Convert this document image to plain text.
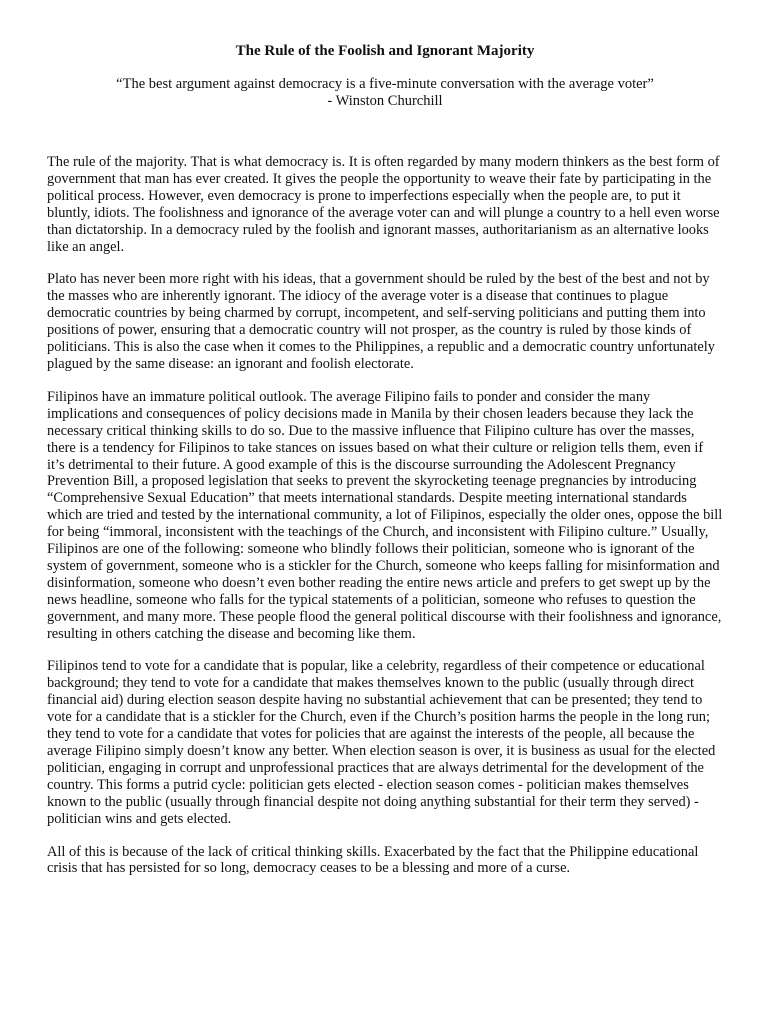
The Rule of the Foolish and Ignorant Majority
“The best argument against democracy is a five-minute conversation with the average voter”
- Winston Churchill

The rule of the majority. That is what democracy is. It is often regarded by many modern thinkers as the best form of government that man has ever created. It gives the people the opportunity to weave their fate by participating in the political process. However, even democracy is prone to imperfections especially when the people are, to put it bluntly, idiots. The foolishness and ignorance of the average voter can and will plunge a country to a hell even worse than dictatorship. In a democracy ruled by the foolish and ignorant masses, authoritarianism as an alternative looks like an angel.

Plato has never been more right with his ideas, that a government should be ruled by the best of the best and not by the masses who are inherently ignorant. The idiocy of the average voter is a disease that continues to plague democratic countries by being charmed by corrupt, incompetent, and self-serving politicians and putting them into positions of power, ensuring that a democratic country will not prosper, as the country is ruled by those kinds of politicians. This is also the case when it comes to the Philippines, a republic and a democratic country unfortunately plagued by the same disease: an ignorant and foolish electorate.

Filipinos have an immature political outlook. The average Filipino fails to ponder and consider the many implications and consequences of policy decisions made in Manila by their chosen leaders because they lack the necessary critical thinking skills to do so. Due to the massive influence that Filipino culture has over the masses, there is a tendency for Filipinos to take stances on issues based on what their culture or religion tells them, even if it’s detrimental to their future. A good example of this is the discourse surrounding the Adolescent Pregnancy Prevention Bill, a proposed legislation that seeks to prevent the skyrocketing teenage pregnancies by introducing “Comprehensive Sexual Education” that meets international standards. Despite meeting international standards which are tried and tested by the international community, a lot of Filipinos, especially the older ones, oppose the bill for being “immoral, inconsistent with the teachings of the Church, and inconsistent with Filipino culture.” Usually, Filipinos are one of the following: someone who blindly follows their politician, someone who is ignorant of the system of government, someone who is a stickler for the Church, someone who keeps falling for misinformation and disinformation, someone who doesn’t even bother reading the entire news article and prefers to get swept up by the news headline, someone who falls for the typical statements of a politician, someone who refuses to question the government, and many more. These people flood the general political discourse with their foolishness and ignorance, resulting in others catching the disease and becoming like them.

Filipinos tend to vote for a candidate that is popular, like a celebrity, regardless of their competence or educational background; they tend to vote for a candidate that makes themselves known to the public (usually through direct financial aid) during election season despite having no substantial achievement that can be presented; they tend to vote for a candidate that is a stickler for the Church, even if the Church’s position harms the people in the long run; they tend to vote for a candidate that votes for policies that are against the interests of the people, all because the average Filipino simply doesn’t know any better. When election season is over, it is business as usual for the elected politician, engaging in corrupt and unprofessional practices that are always detrimental for the development of the country. This forms a putrid cycle: politician gets elected - election season comes - politician makes themselves known to the public (usually through financial despite not doing anything substantial for their term they served) - politician wins and gets elected.

All of this is because of the lack of critical thinking skills. Exacerbated by the fact that the Philippine educational crisis that has persisted for so long, democracy ceases to be a blessing and more of a curse.
